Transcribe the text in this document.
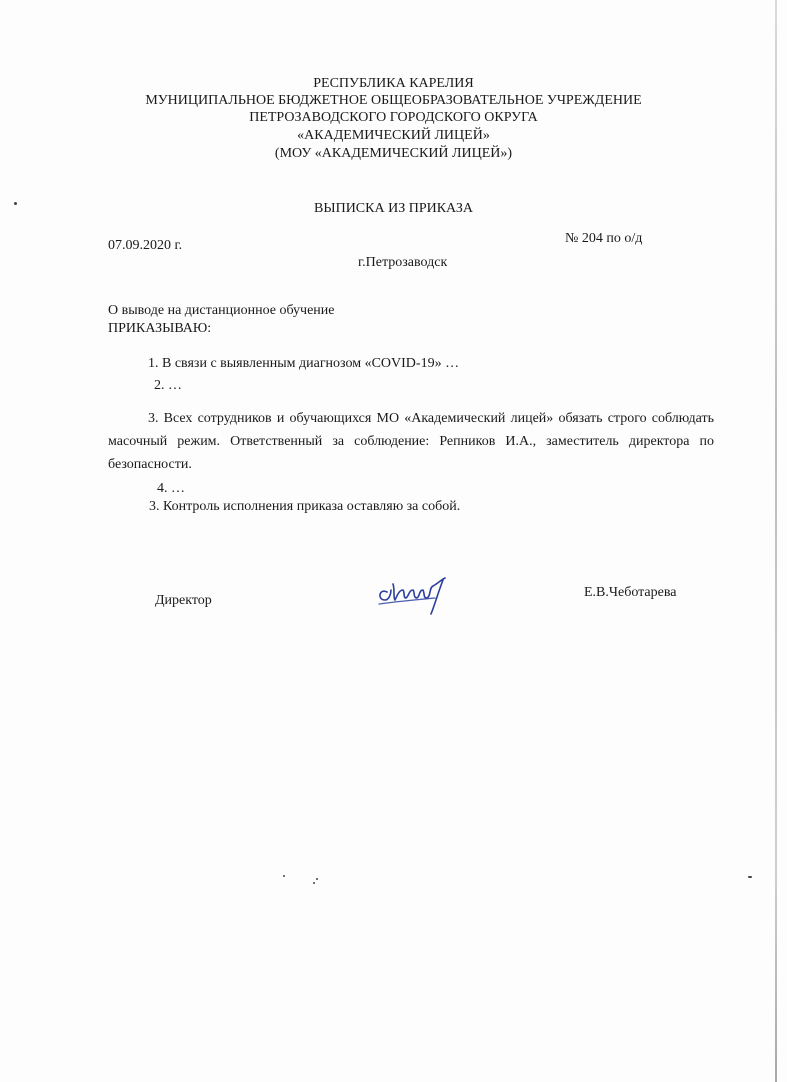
РЕСПУБЛИКА КАРЕЛИЯ
МУНИЦИПАЛЬНОЕ БЮДЖЕТНОЕ ОБЩЕОБРАЗОВАТЕЛЬНОЕ УЧРЕЖДЕНИЕ
ПЕТРОЗАВОДСКОГО ГОРОДСКОГО ОКРУГА
«АКАДЕМИЧЕСКИЙ ЛИЦЕЙ»
(МОУ «АКАДЕМИЧЕСКИЙ ЛИЦЕЙ»)
ВЫПИСКА ИЗ ПРИКАЗА
07.09.2020 г.	№ 204 по о/д
г.Петрозаводск
О выводе на дистанционное обучение
ПРИКАЗЫВАЮ:
1. В связи с выявленным диагнозом «COVID-19» …
2. …
3. Всех сотрудников и обучающихся МО «Академический лицей» обязать строго соблюдать масочный режим. Ответственный за соблюдение: Репников И.А., заместитель директора по безопасности.
4. …
3. Контроль исполнения приказа оставляю за собой.
Директор
Е.В.Чеботарева
